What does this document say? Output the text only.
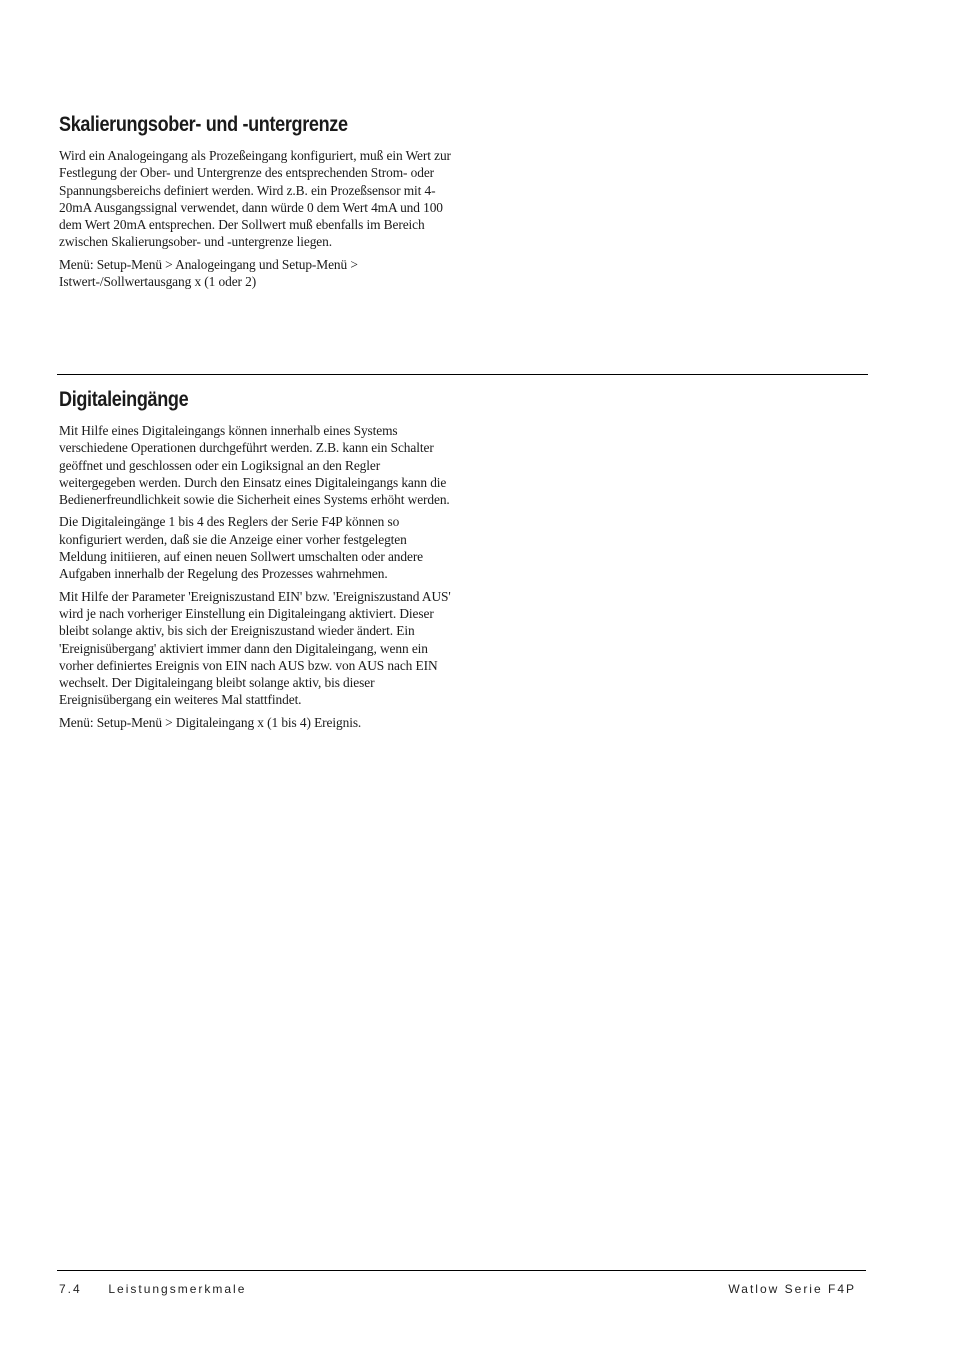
Skalierungsober- und -untergrenze

Wird ein Analogeingang als Prozeßeingang konfiguriert, muß ein Wert zur Festlegung der Ober- und Untergrenze des entsprechenden Strom- oder Spannungsbereichs definiert werden. Wird z.B. ein Prozeßsensor mit 4-20mA Ausgangssignal verwendet, dann würde 0 dem Wert 4mA und 100 dem Wert 20mA entsprechen. Der Sollwert muß ebenfalls im Bereich zwischen Skalierungsober- und -untergrenze liegen.

Menü: Setup-Menü > Analogeingang und Setup-Menü > Istwert-/Sollwertausgang x (1 oder 2)

Digitaleingänge

Mit Hilfe eines Digitaleingangs können innerhalb eines Systems verschiedene Operationen durchgeführt werden. Z.B. kann ein Schalter geöffnet und geschlossen oder ein Logiksignal an den Regler weitergegeben werden. Durch den Einsatz eines Digitaleingangs kann die Bedienerfreundlichkeit sowie die Sicherheit eines Systems erhöht werden.

Die Digitaleingänge 1 bis 4 des Reglers der Serie F4P können so konfiguriert werden, daß sie die Anzeige einer vorher festgelegten Meldung initiieren, auf einen neuen Sollwert umschalten oder andere Aufgaben innerhalb der Regelung des Prozesses wahrnehmen.

Mit Hilfe der Parameter 'Ereigniszustand EIN' bzw. 'Ereigniszustand AUS' wird je nach vorheriger Einstellung ein Digitaleingang aktiviert. Dieser bleibt solange aktiv, bis sich der Ereigniszustand wieder ändert. Ein 'Ereignisübergang' aktiviert immer dann den Digitaleingang, wenn ein vorher definiertes Ereignis von EIN nach AUS bzw. von AUS nach EIN wechselt. Der Digitaleingang bleibt solange aktiv, bis dieser Ereignisübergang ein weiteres Mal stattfindet.

Menü: Setup-Menü > Digitaleingang x (1 bis 4) Ereignis.

7.4     Leistungsmerkmale	Watlow Serie F4P
